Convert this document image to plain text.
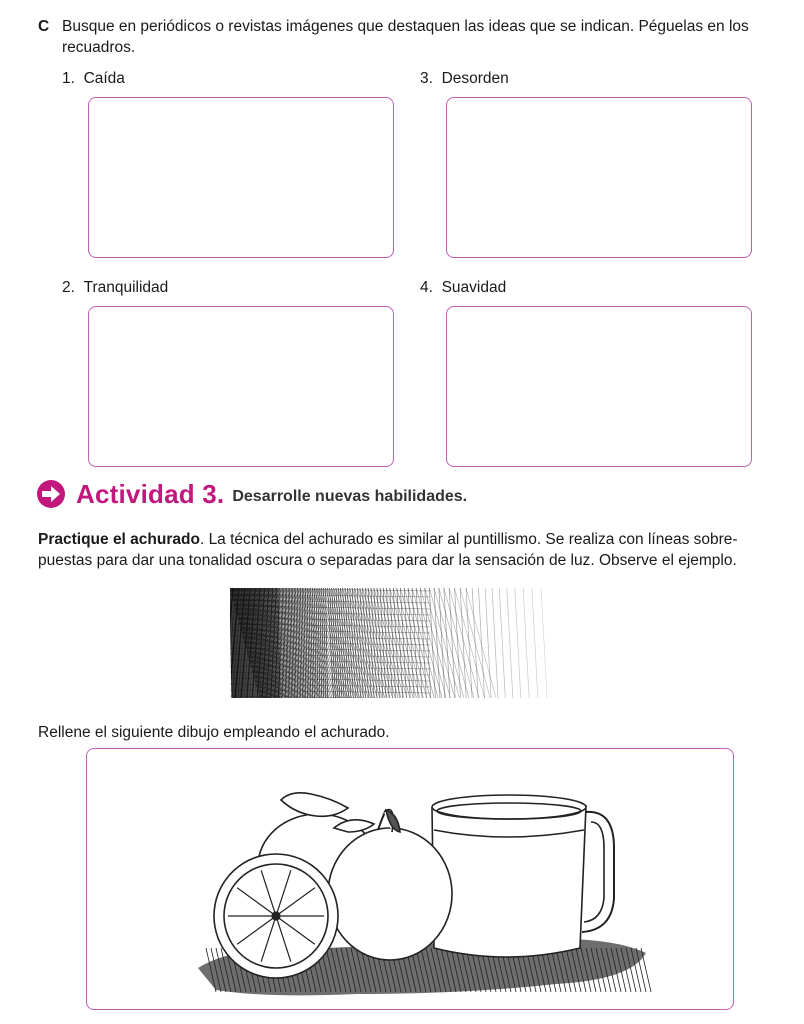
C Busque en periódicos o revistas imágenes que destaquen las ideas que se indican. Péguelas en los
recuadros.
1. Caída	3. Desorden
2. Tranquilidad	4. Suavidad
Actividad 3. Desarrolle nuevas habilidades.
Practique el achurado. La técnica del achurado es similar al puntillismo. Se realiza con líneas sobre-
puestas para dar una tonalidad oscura o separadas para dar la sensación de luz. Observe el ejemplo.
Rellene el siguiente dibujo empleando el achurado.
